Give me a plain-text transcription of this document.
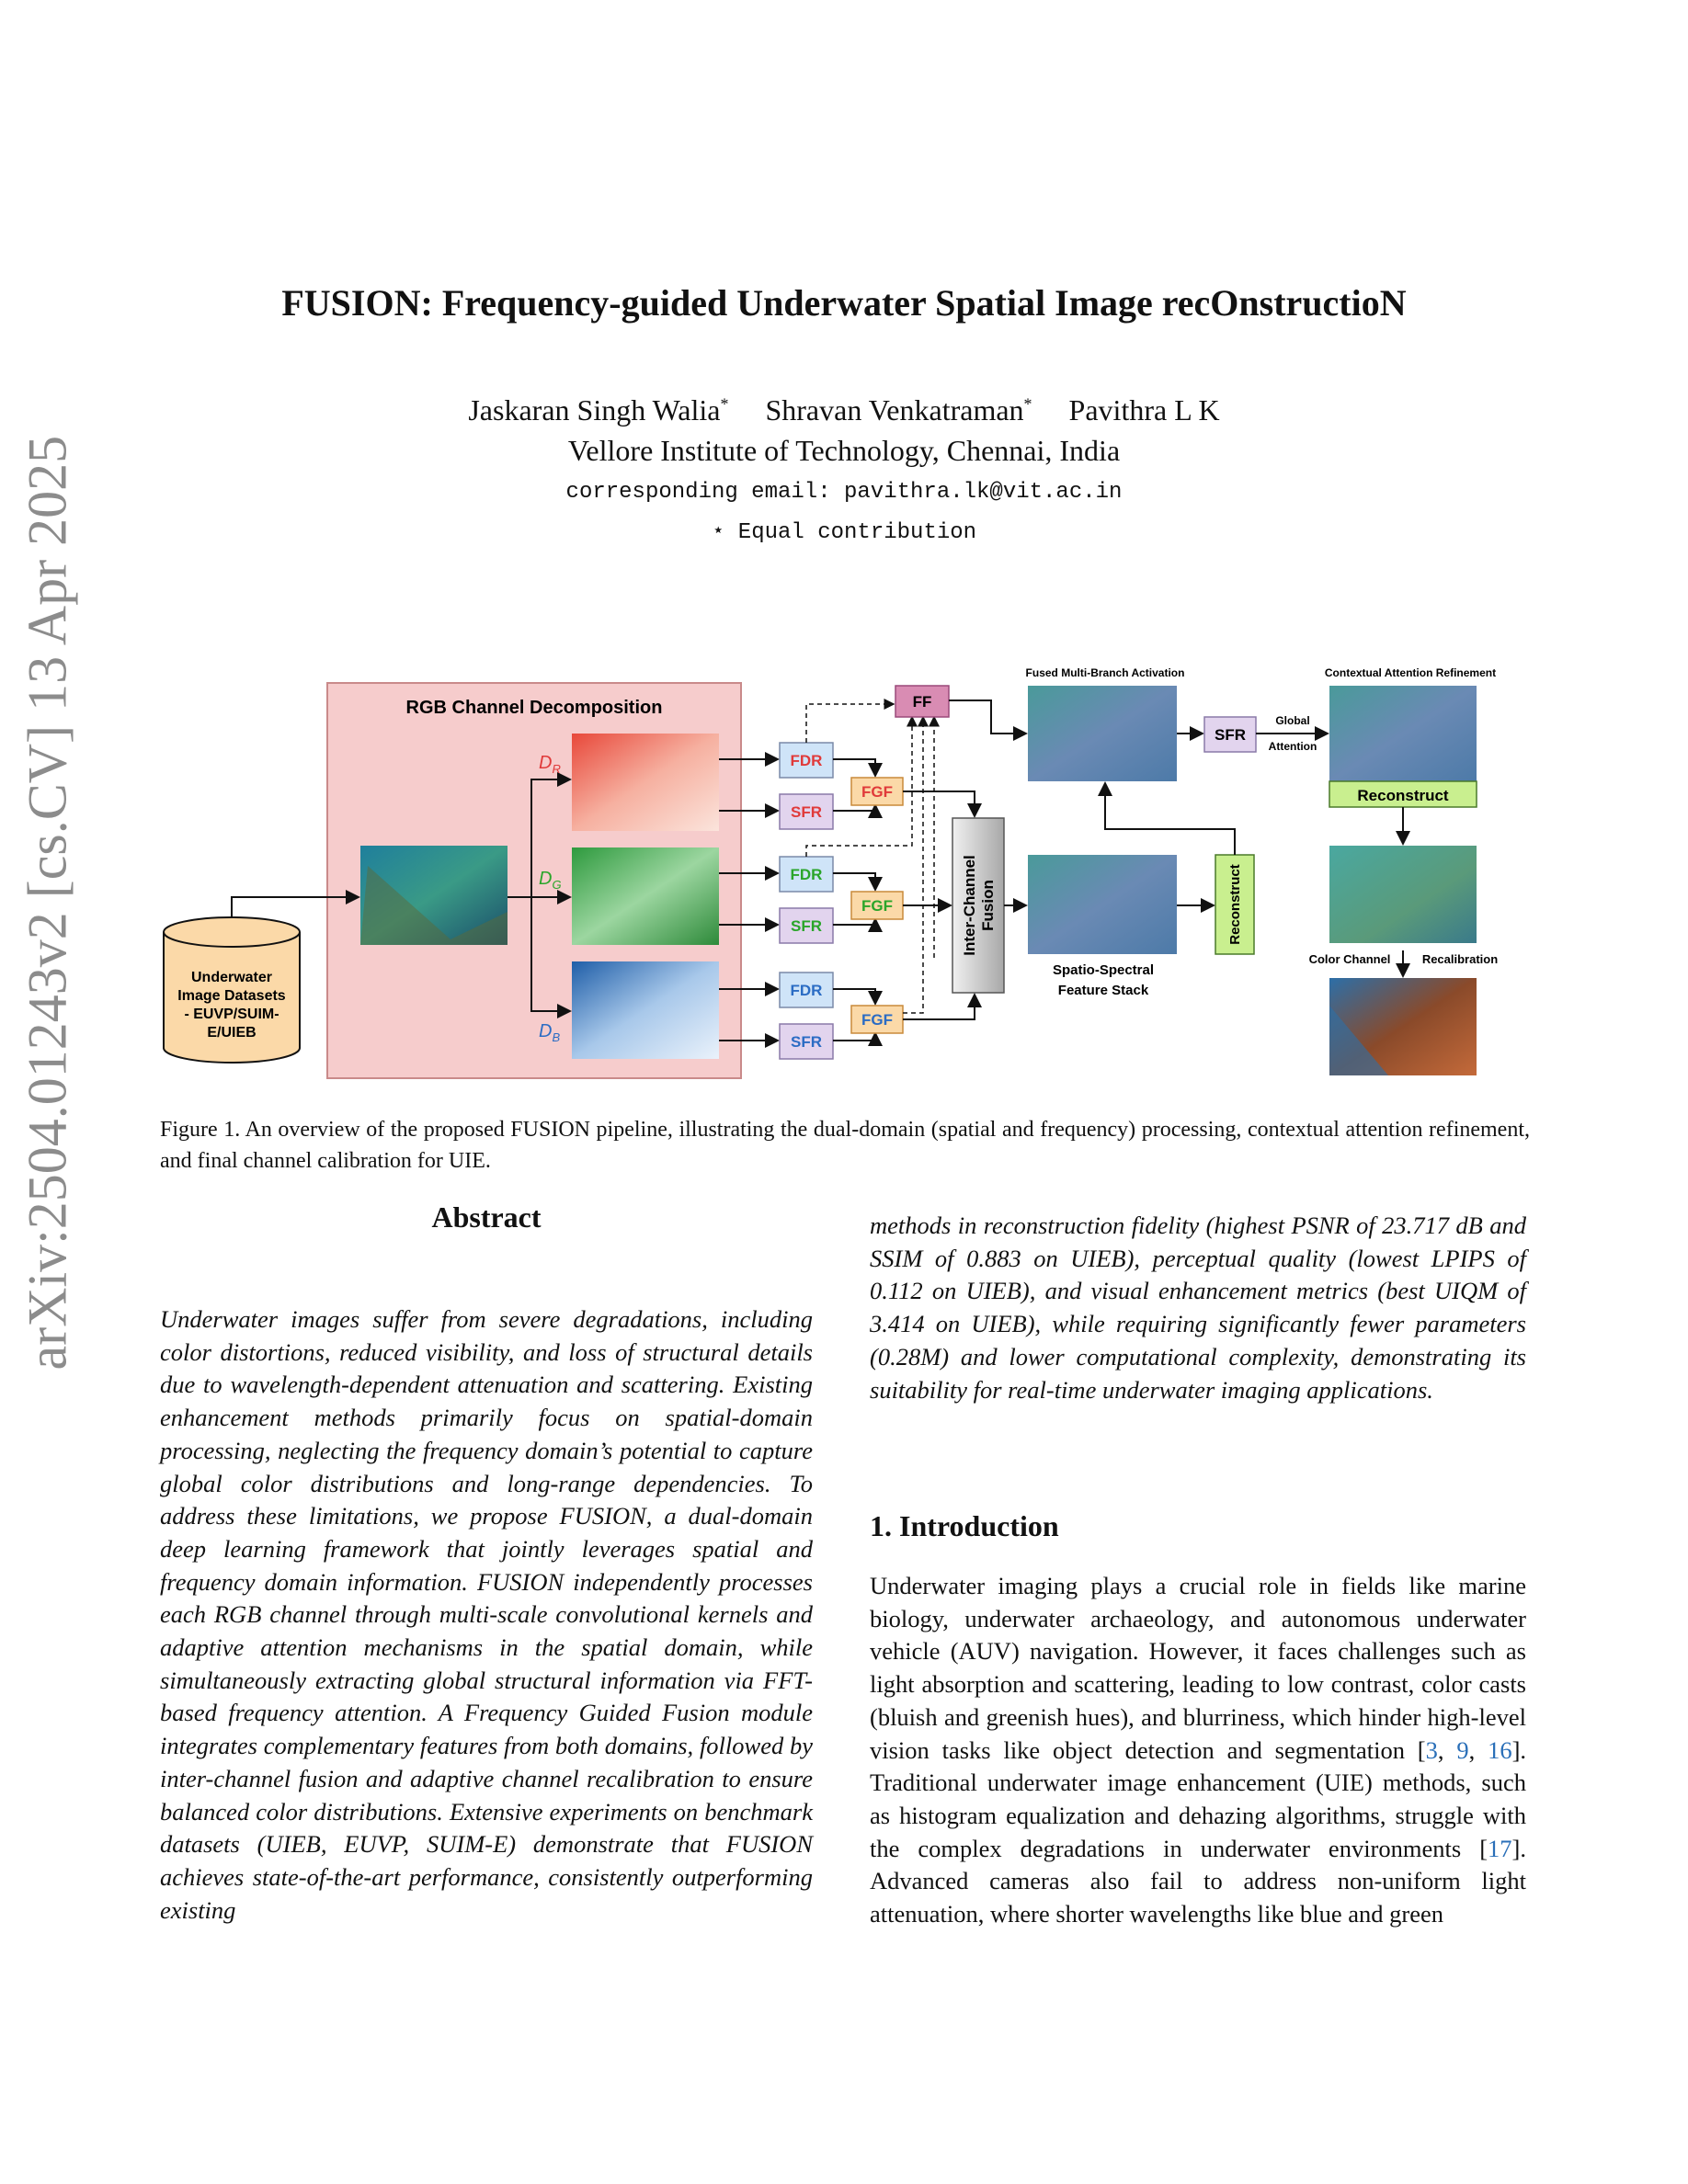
arXiv:2504.01243v2 [cs.CV] 13 Apr 2025
FUSION: Frequency-guided Underwater Spatial Image recOnstructioN
Jaskaran Singh Walia* Shravan Venkatraman* Pavithra L K
Vellore Institute of Technology, Chennai, India
corresponding email: pavithra.lk@vit.ac.in
⋆ Equal contribution
RGB Channel Decomposition
Underwater
Image Datasets
- EUVP/SUIM-
E/UIEB
$D_R$
$D_G$
$D_B$
FDR
SFR
FDR
SFR
FDR
SFR
FGF
FGF
FGF
FF
Inter-Channel Fusion
Fused Multi-Branch Activation
Spatio-Spectral
Feature Stack
Reconstruct
SFR
Global
Attention
Contextual Attention Refinement
Reconstruct
Color Channel	Recalibration
Figure 1. An overview of the proposed FUSION pipeline, illustrating the dual-domain (spatial and frequency) processing, contextual attention refinement, and final channel calibration for UIE.
Abstract
Underwater images suffer from severe degradations, including color distortions, reduced visibility, and loss of structural details due to wavelength-dependent attenuation and scattering. Existing enhancement methods primarily focus on spatial-domain processing, neglecting the frequency domain’s potential to capture global color distributions and long-range dependencies. To address these limitations, we propose FUSION, a dual-domain deep learning framework that jointly leverages spatial and frequency domain information. FUSION independently processes each RGB channel through multi-scale convolutional kernels and adaptive attention mechanisms in the spatial domain, while simultaneously extracting global structural information via FFT-based frequency attention. A Frequency Guided Fusion module integrates complementary features from both domains, followed by inter-channel fusion and adaptive channel recalibration to ensure balanced color distributions. Extensive experiments on benchmark datasets (UIEB, EUVP, SUIM-E) demonstrate that FUSION achieves state-of-the-art performance, consistently outperforming existing
methods in reconstruction fidelity (highest PSNR of 23.717 dB and SSIM of 0.883 on UIEB), perceptual quality (lowest LPIPS of 0.112 on UIEB), and visual enhancement metrics (best UIQM of 3.414 on UIEB), while requiring significantly fewer parameters (0.28M) and lower computational complexity, demonstrating its suitability for real-time underwater imaging applications.
1. Introduction
Underwater imaging plays a crucial role in fields like marine biology, underwater archaeology, and autonomous underwater vehicle (AUV) navigation. However, it faces challenges such as light absorption and scattering, leading to low contrast, color casts (bluish and greenish hues), and blurriness, which hinder high-level vision tasks like object detection and segmentation [3, 9, 16]. Traditional underwater image enhancement (UIE) methods, such as histogram equalization and dehazing algorithms, struggle with the complex degradations in underwater environments [17]. Advanced cameras also fail to address non-uniform light attenuation, where shorter wavelengths like blue and green
